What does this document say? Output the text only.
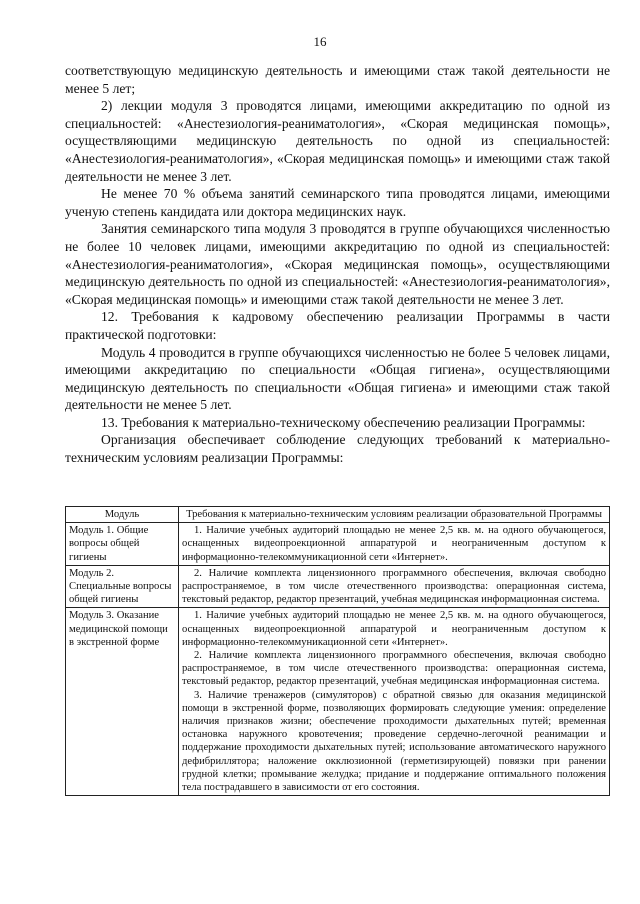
16

соответствующую медицинскую деятельность и имеющими стаж такой деятельности не менее 5 лет;

2) лекции модуля 3 проводятся лицами, имеющими аккредитацию по одной из специальностей: «Анестезиология-реаниматология», «Скорая медицинская помощь», осуществляющими медицинскую деятельность по одной из специальностей: «Анестезиология-реаниматология», «Скорая медицинская помощь» и имеющими стаж такой деятельности не менее 3 лет.

Не менее 70 % объема занятий семинарского типа проводятся лицами, имеющими ученую степень кандидата или доктора медицинских наук.

Занятия семинарского типа модуля 3 проводятся в группе обучающихся численностью не более 10 человек лицами, имеющими аккредитацию по одной из специальностей: «Анестезиология-реаниматология», «Скорая медицинская помощь», осуществляющими медицинскую деятельность по одной из специальностей: «Анестезиология-реаниматология», «Скорая медицинская помощь» и имеющими стаж такой деятельности не менее 3 лет.

12. Требования к кадровому обеспечению реализации Программы в части практической подготовки:

Модуль 4 проводится в группе обучающихся численностью не более 5 человек лицами, имеющими аккредитацию по специальности «Общая гигиена», осуществляющими медицинскую деятельность по специальности «Общая гигиена» и имеющими стаж такой деятельности не менее 5 лет.

13. Требования к материально-техническому обеспечению реализации Программы:

Организация обеспечивает соблюдение следующих требований к материально-техническим условиям реализации Программы:

Модуль	Требования к материально-техническим условиям реализации образовательной Программы
Модуль 1. Общие вопросы общей гигиены	1. Наличие учебных аудиторий площадью не менее 2,5 кв. м. на одного обучающегося, оснащенных видеопроекционной аппаратурой и неограниченным доступом к информационно-телекоммуникационной сети «Интернет».

Модуль 2. Специальные вопросы общей гигиены	2. Наличие комплекта лицензионного программного обеспечения, включая свободно распространяемое, в том числе отечественного производства: операционная система, текстовый редактор, редактор презентаций, учебная медицинская информационная система.

Модуль 3. Оказание медицинской помощи в экстренной форме	1. Наличие учебных аудиторий площадью не менее 2,5 кв. м. на одного обучающегося, оснащенных видеопроекционной аппаратурой и неограниченным доступом к информационно-телекоммуникационной сети «Интернет».
2. Наличие комплекта лицензионного программного обеспечения, включая свободно распространяемое, в том числе отечественного производства: операционная система, текстовый редактор, редактор презентаций, учебная медицинская информационная система.
3. Наличие тренажеров (симуляторов) с обратной связью для оказания медицинской помощи в экстренной форме, позволяющих формировать следующие умения: определение наличия признаков жизни; обеспечение проходимости дыхательных путей; временная остановка наружного кровотечения; проведение сердечно-легочной реанимации и поддержание проходимости дыхательных путей; использование автоматического наружного дефибриллятора; наложение окклюзионной (герметизирующей) повязки при ранении грудной клетки; промывание желудка; придание и поддержание оптимального положения тела пострадавшего в зависимости от его состояния.
